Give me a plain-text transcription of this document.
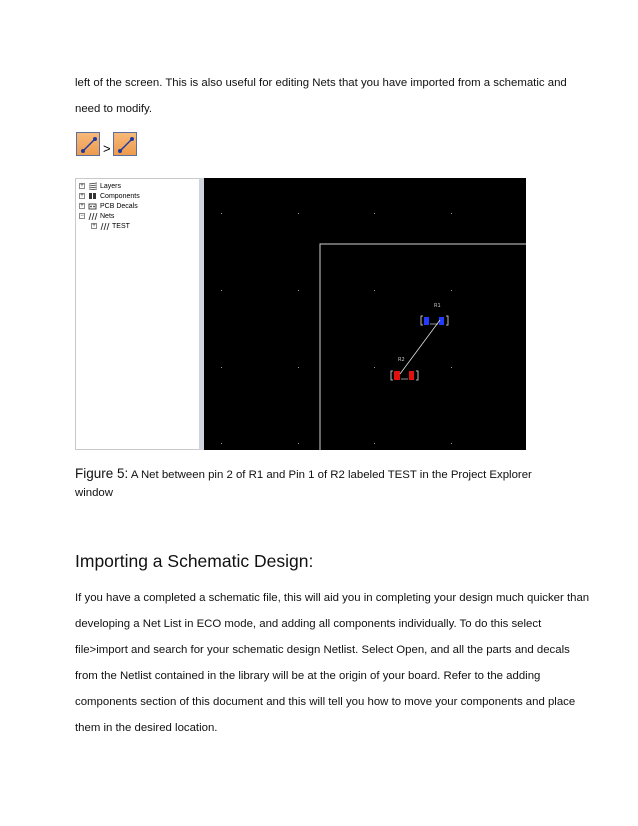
left of the screen. This is also useful for editing Nets that you have imported from a schematic and need to modify.
>
+ Layers
+ Components
+ PCB Decals
− Nets
+ TEST
R1
R2
Figure 5: A Net between pin 2 of R1 and Pin 1 of R2 labeled TEST in the Project Explorer window
Importing a Schematic Design:
If you have a completed a schematic file, this will aid you in completing your design much quicker than developing a Net List in ECO mode, and adding all components individually. To do this select file>import and search for your schematic design Netlist. Select Open, and all the parts and decals from the Netlist contained in the library will be at the origin of your board. Refer to the adding components section of this document and this will tell you how to move your components and place them in the desired location.
